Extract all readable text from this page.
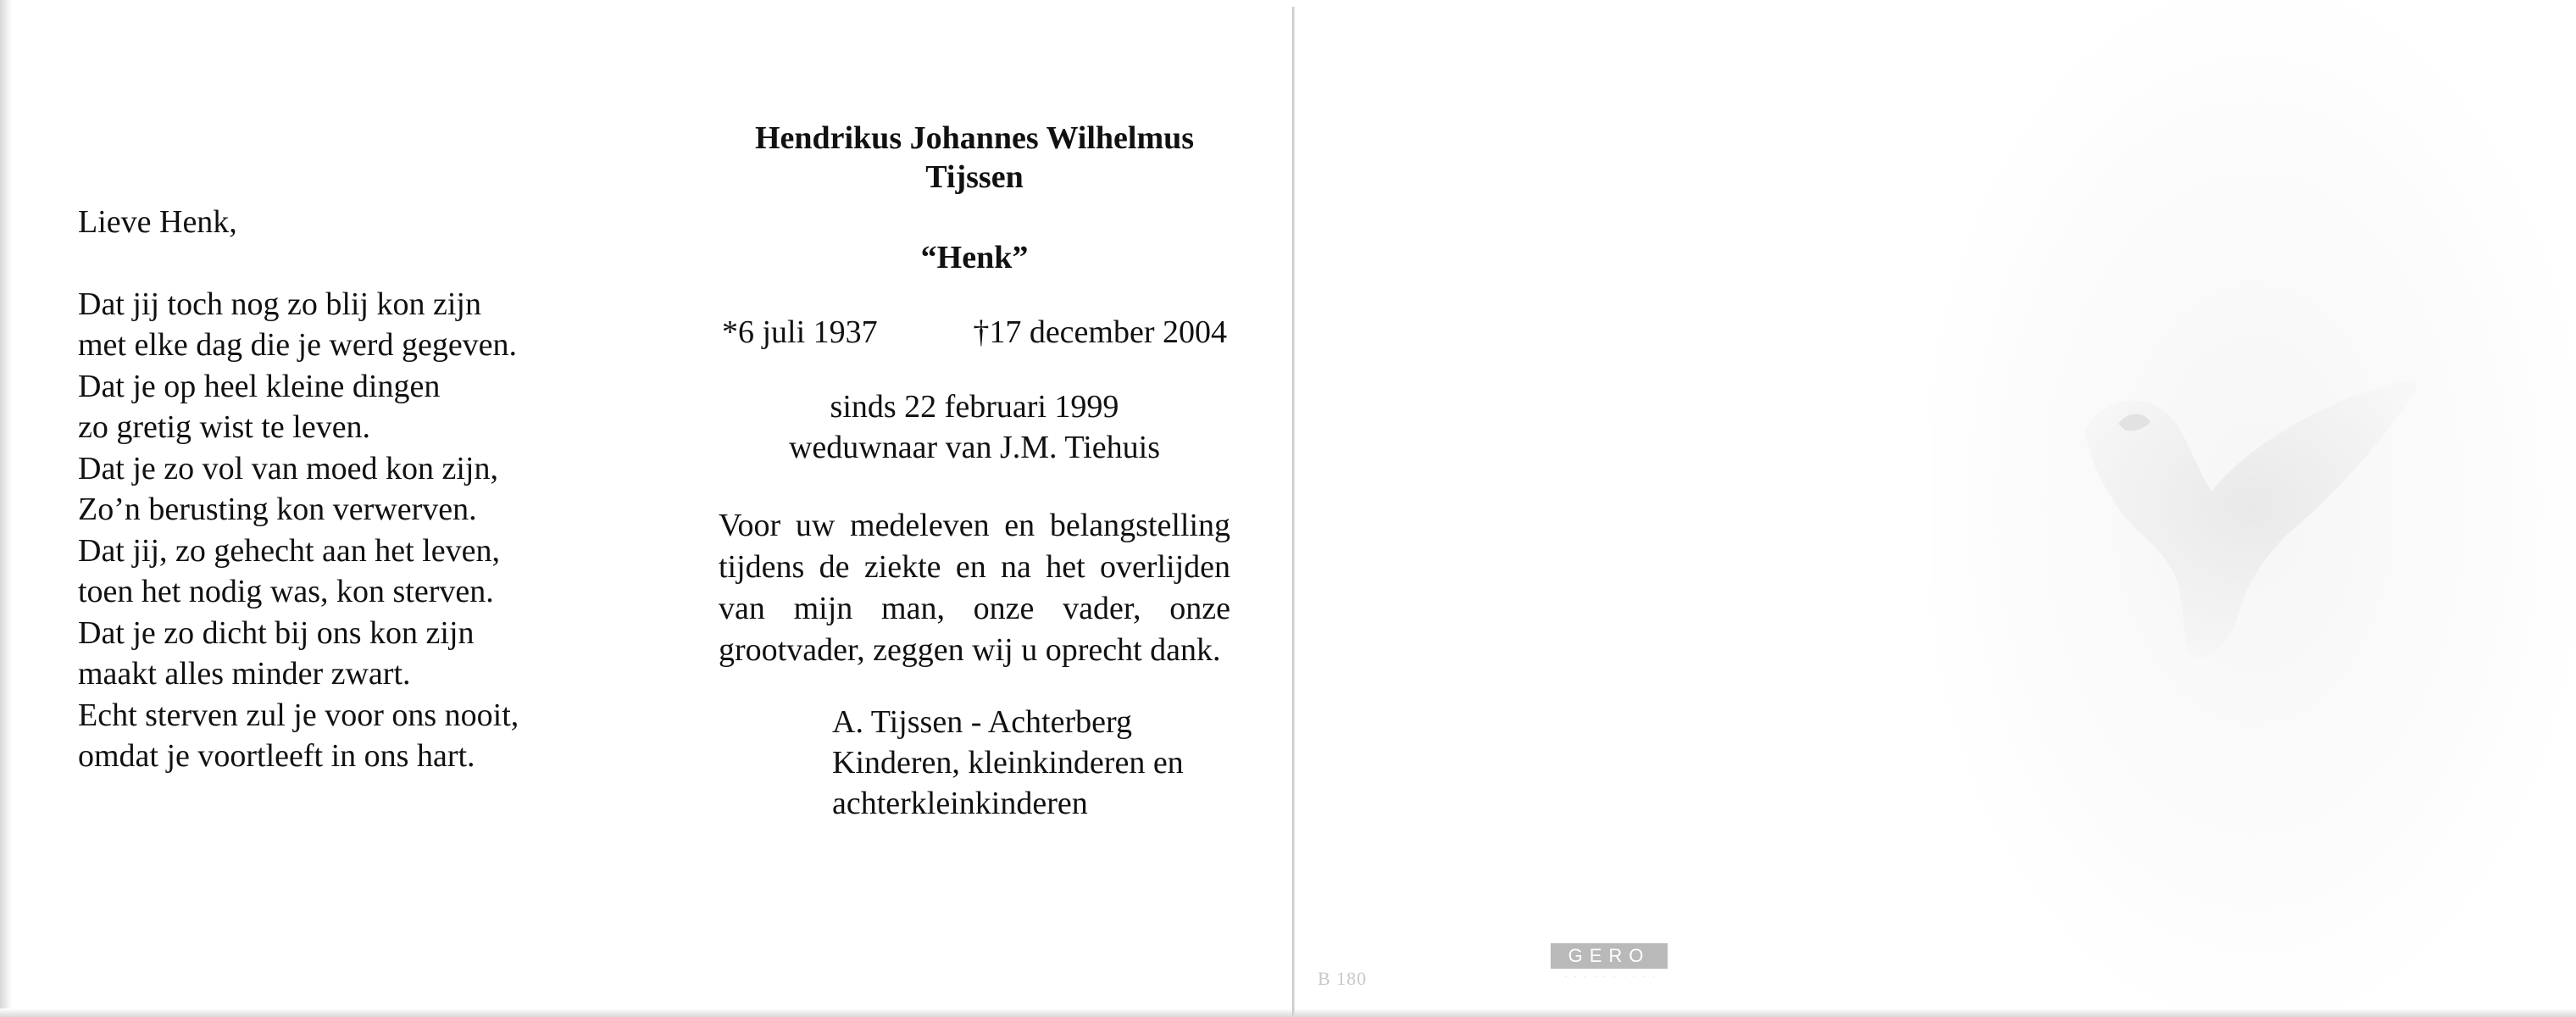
Lieve Henk,
Dat jij toch nog zo blij kon zijn
met elke dag die je werd gegeven.
Dat je op heel kleine dingen
zo gretig wist te leven.
Dat je zo vol van moed kon zijn,
Zo’n berusting kon verwerven.
Dat jij, zo gehecht aan het leven,
toen het nodig was, kon sterven.
Dat je zo dicht bij ons kon zijn
maakt alles minder zwart.
Echt sterven zul je voor ons nooit,
omdat je voortleeft in ons hart.
Hendrikus Johannes Wilhelmus
Tijssen
“Henk”
*6 juli 1937	†17 december 2004
sinds 22 februari 1999
weduwnaar van J.M. Tiehuis
Voor uw medeleven en belangstelling tijdens de ziekte en na het overlijden van mijn man, onze vader, onze grootvader, zeggen wij u oprecht dank.
A. Tijssen - Achterberg
Kinderen, kleinkinderen en
achterkleinkinderen
B 180
GERO
· · · · · · · · · ·
